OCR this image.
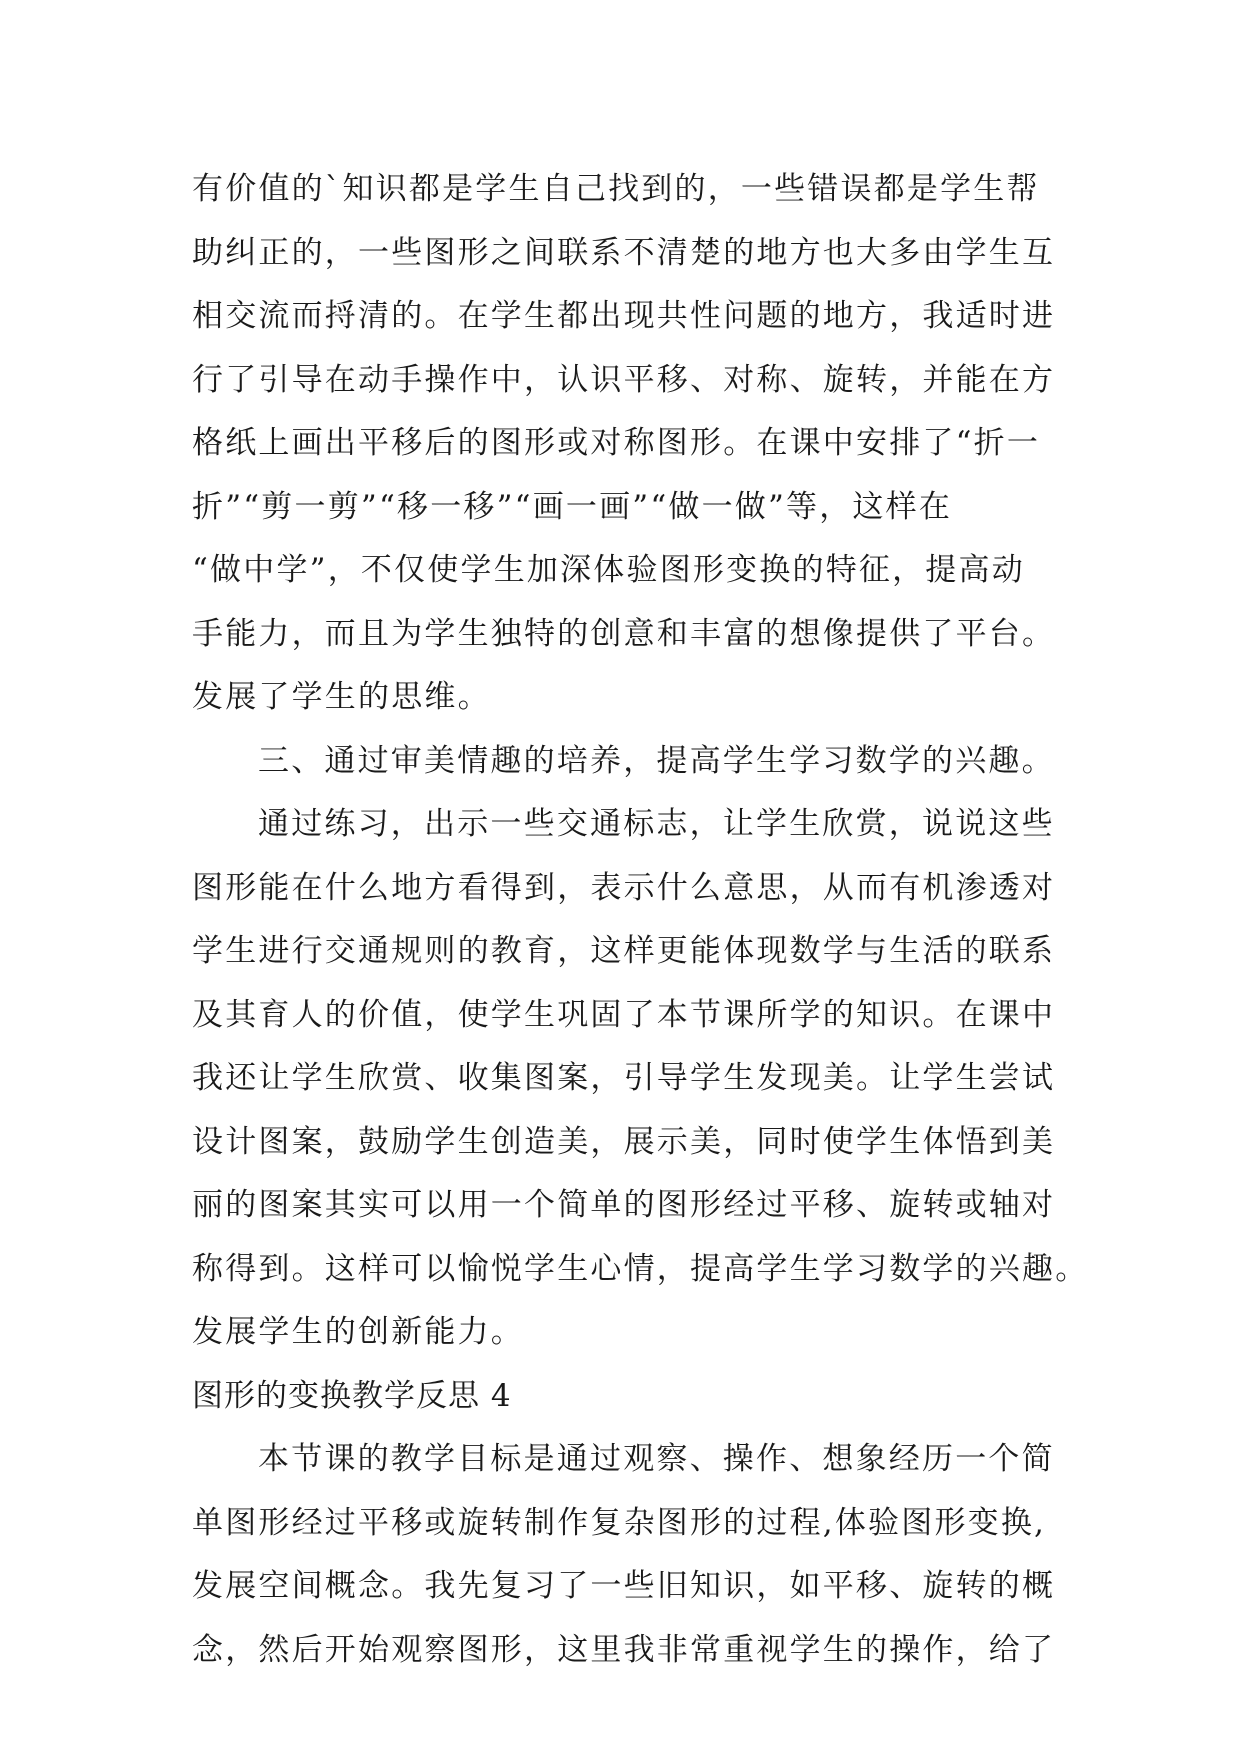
有价值的`知识都是学生自己找到的，一些错误都是学生帮
助纠正的，一些图形之间联系不清楚的地方也大多由学生互
相交流而捋清的。在学生都出现共性问题的地方，我适时进
行了引导在动手操作中，认识平移、对称、旋转，并能在方
格纸上画出平移后的图形或对称图形。在课中安排了“折一
折”“剪一剪”“移一移”“画一画”“做一做”等，这样在
“做中学”，不仅使学生加深体验图形变换的特征，提高动
手能力，而且为学生独特的创意和丰富的想像提供了平台。
发展了学生的思维。
三、通过审美情趣的培养，提高学生学习数学的兴趣。
通过练习，出示一些交通标志，让学生欣赏，说说这些
图形能在什么地方看得到，表示什么意思，从而有机渗透对
学生进行交通规则的教育，这样更能体现数学与生活的联系
及其育人的价值，使学生巩固了本节课所学的知识。在课中
我还让学生欣赏、收集图案，引导学生发现美。让学生尝试
设计图案，鼓励学生创造美，展示美，同时使学生体悟到美
丽的图案其实可以用一个简单的图形经过平移、旋转或轴对
称得到。这样可以愉悦学生心情，提高学生学习数学的兴趣。
发展学生的创新能力。
图形的变换教学反思 4
本节课的教学目标是通过观察、操作、想象经历一个简
单图形经过平移或旋转制作复杂图形的过程,体验图形变换,
发展空间概念。我先复习了一些旧知识，如平移、旋转的概
念，然后开始观察图形，这里我非常重视学生的操作，给了
